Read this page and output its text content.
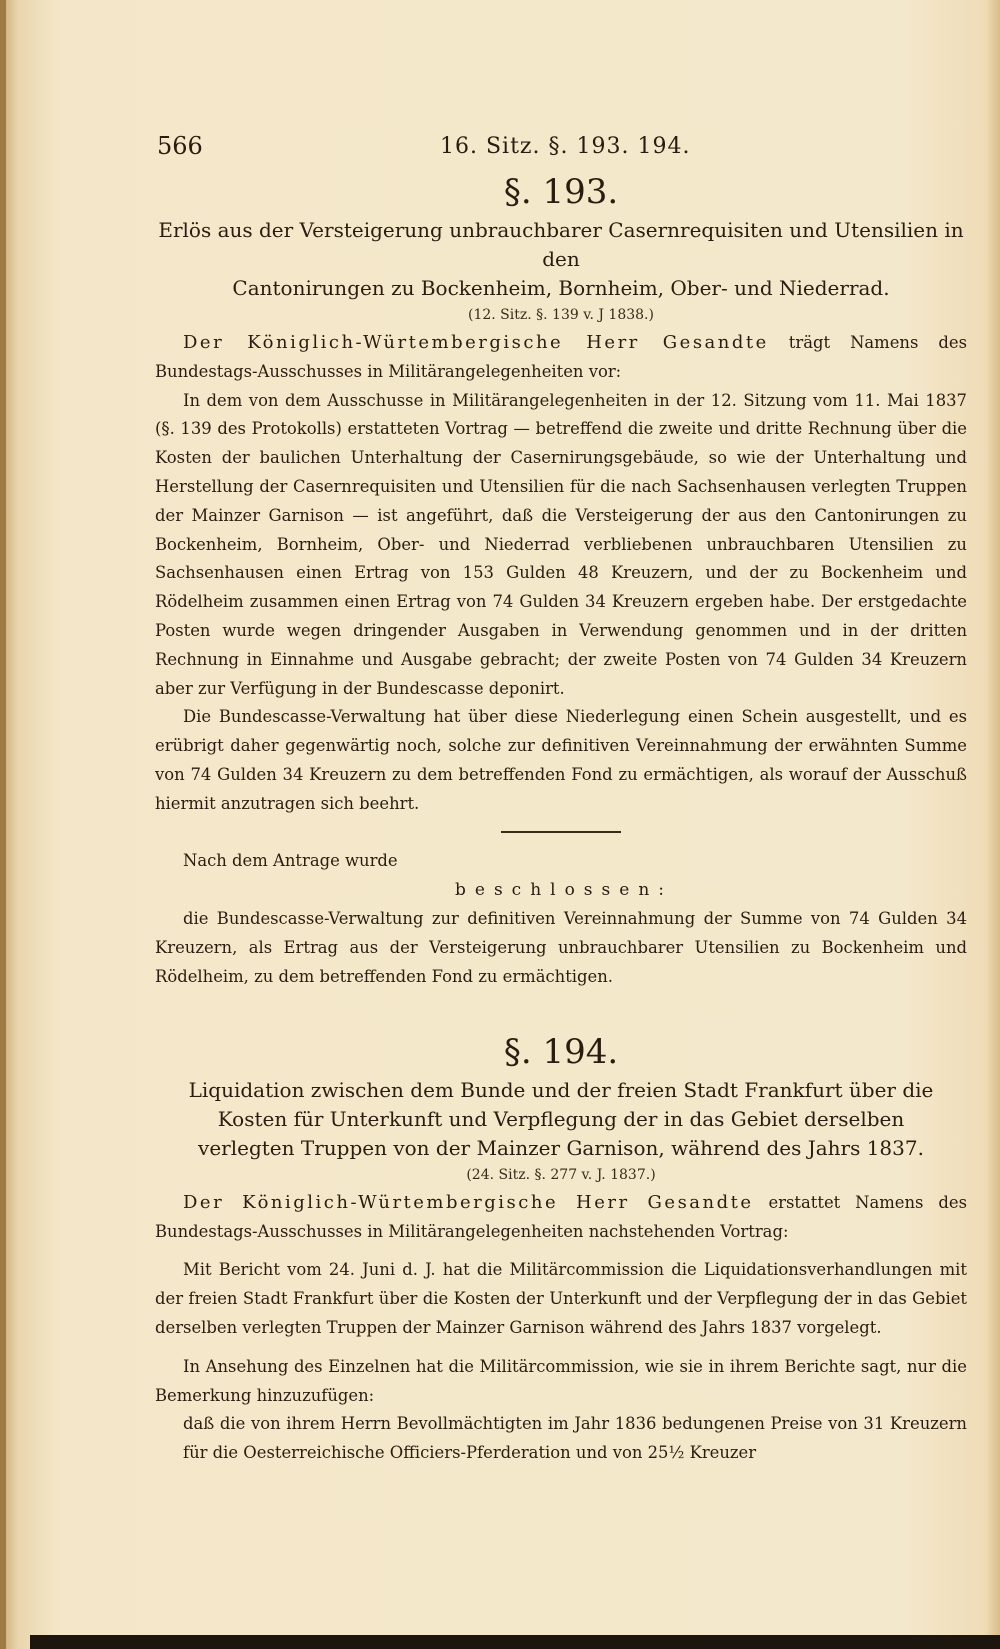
566	16. Sitz. §. 193. 194.
§. 193.
Erlös aus der Versteigerung unbrauchbarer Casernrequisiten und Utensilien in den
Cantonirungen zu Bockenheim, Bornheim, Ober- und Niederrad.
(12. Sitz. §. 139 v. J 1838.)

Der Königlich-Würtembergische Herr Gesandte trägt Namens des Bundestags-Ausschusses in Militärangelegenheiten vor:

In dem von dem Ausschusse in Militärangelegenheiten in der 12. Sitzung vom 11. Mai 1837 (§. 139 des Protokolls) erstatteten Vortrag — betreffend die zweite und dritte Rechnung über die Kosten der baulichen Unterhaltung der Casernirungsgebäude, so wie der Unterhaltung und Herstellung der Casernrequisiten und Utensilien für die nach Sachsenhausen verlegten Truppen der Mainzer Garnison — ist angeführt, daß die Versteigerung der aus den Cantonirungen zu Bockenheim, Bornheim, Ober- und Niederrad verbliebenen unbrauchbaren Utensilien zu Sachsenhausen einen Ertrag von 153 Gulden 48 Kreuzern, und der zu Bockenheim und Rödelheim zusammen einen Ertrag von 74 Gulden 34 Kreuzern ergeben habe. Der erstgedachte Posten wurde wegen dringender Ausgaben in Verwendung genommen und in der dritten Rechnung in Einnahme und Ausgabe gebracht; der zweite Posten von 74 Gulden 34 Kreuzern aber zur Verfügung in der Bundescasse deponirt.

Die Bundescasse-Verwaltung hat über diese Niederlegung einen Schein ausgestellt, und es erübrigt daher gegenwärtig noch, solche zur definitiven Vereinnahmung der erwähnten Summe von 74 Gulden 34 Kreuzern zu dem betreffenden Fond zu ermächtigen, als worauf der Ausschuß hiermit anzutragen sich beehrt.

Nach dem Antrage wurde

beschlossen:

die Bundescasse-Verwaltung zur definitiven Vereinnahmung der Summe von 74 Gulden 34 Kreuzern, als Ertrag aus der Versteigerung unbrauchbarer Utensilien zu Bockenheim und Rödelheim, zu dem betreffenden Fond zu ermächtigen.

§. 194.
Liquidation zwischen dem Bunde und der freien Stadt Frankfurt über die
Kosten für Unterkunft und Verpflegung der in das Gebiet derselben
verlegten Truppen von der Mainzer Garnison, während des Jahrs 1837.
(24. Sitz. §. 277 v. J. 1837.)

Der Königlich-Würtembergische Herr Gesandte erstattet Namens des Bundestags-Ausschusses in Militärangelegenheiten nachstehenden Vortrag:

Mit Bericht vom 24. Juni d. J. hat die Militärcommission die Liquidationsverhandlungen mit der freien Stadt Frankfurt über die Kosten der Unterkunft und der Verpflegung der in das Gebiet derselben verlegten Truppen der Mainzer Garnison während des Jahrs 1837 vorgelegt.

In Ansehung des Einzelnen hat die Militärcommission, wie sie in ihrem Berichte sagt, nur die Bemerkung hinzuzufügen:

daß die von ihrem Herrn Bevollmächtigten im Jahr 1836 bedungenen Preise von 31 Kreuzern für die Oesterreichische Officiers-Pferderation und von 25½ Kreuzer
